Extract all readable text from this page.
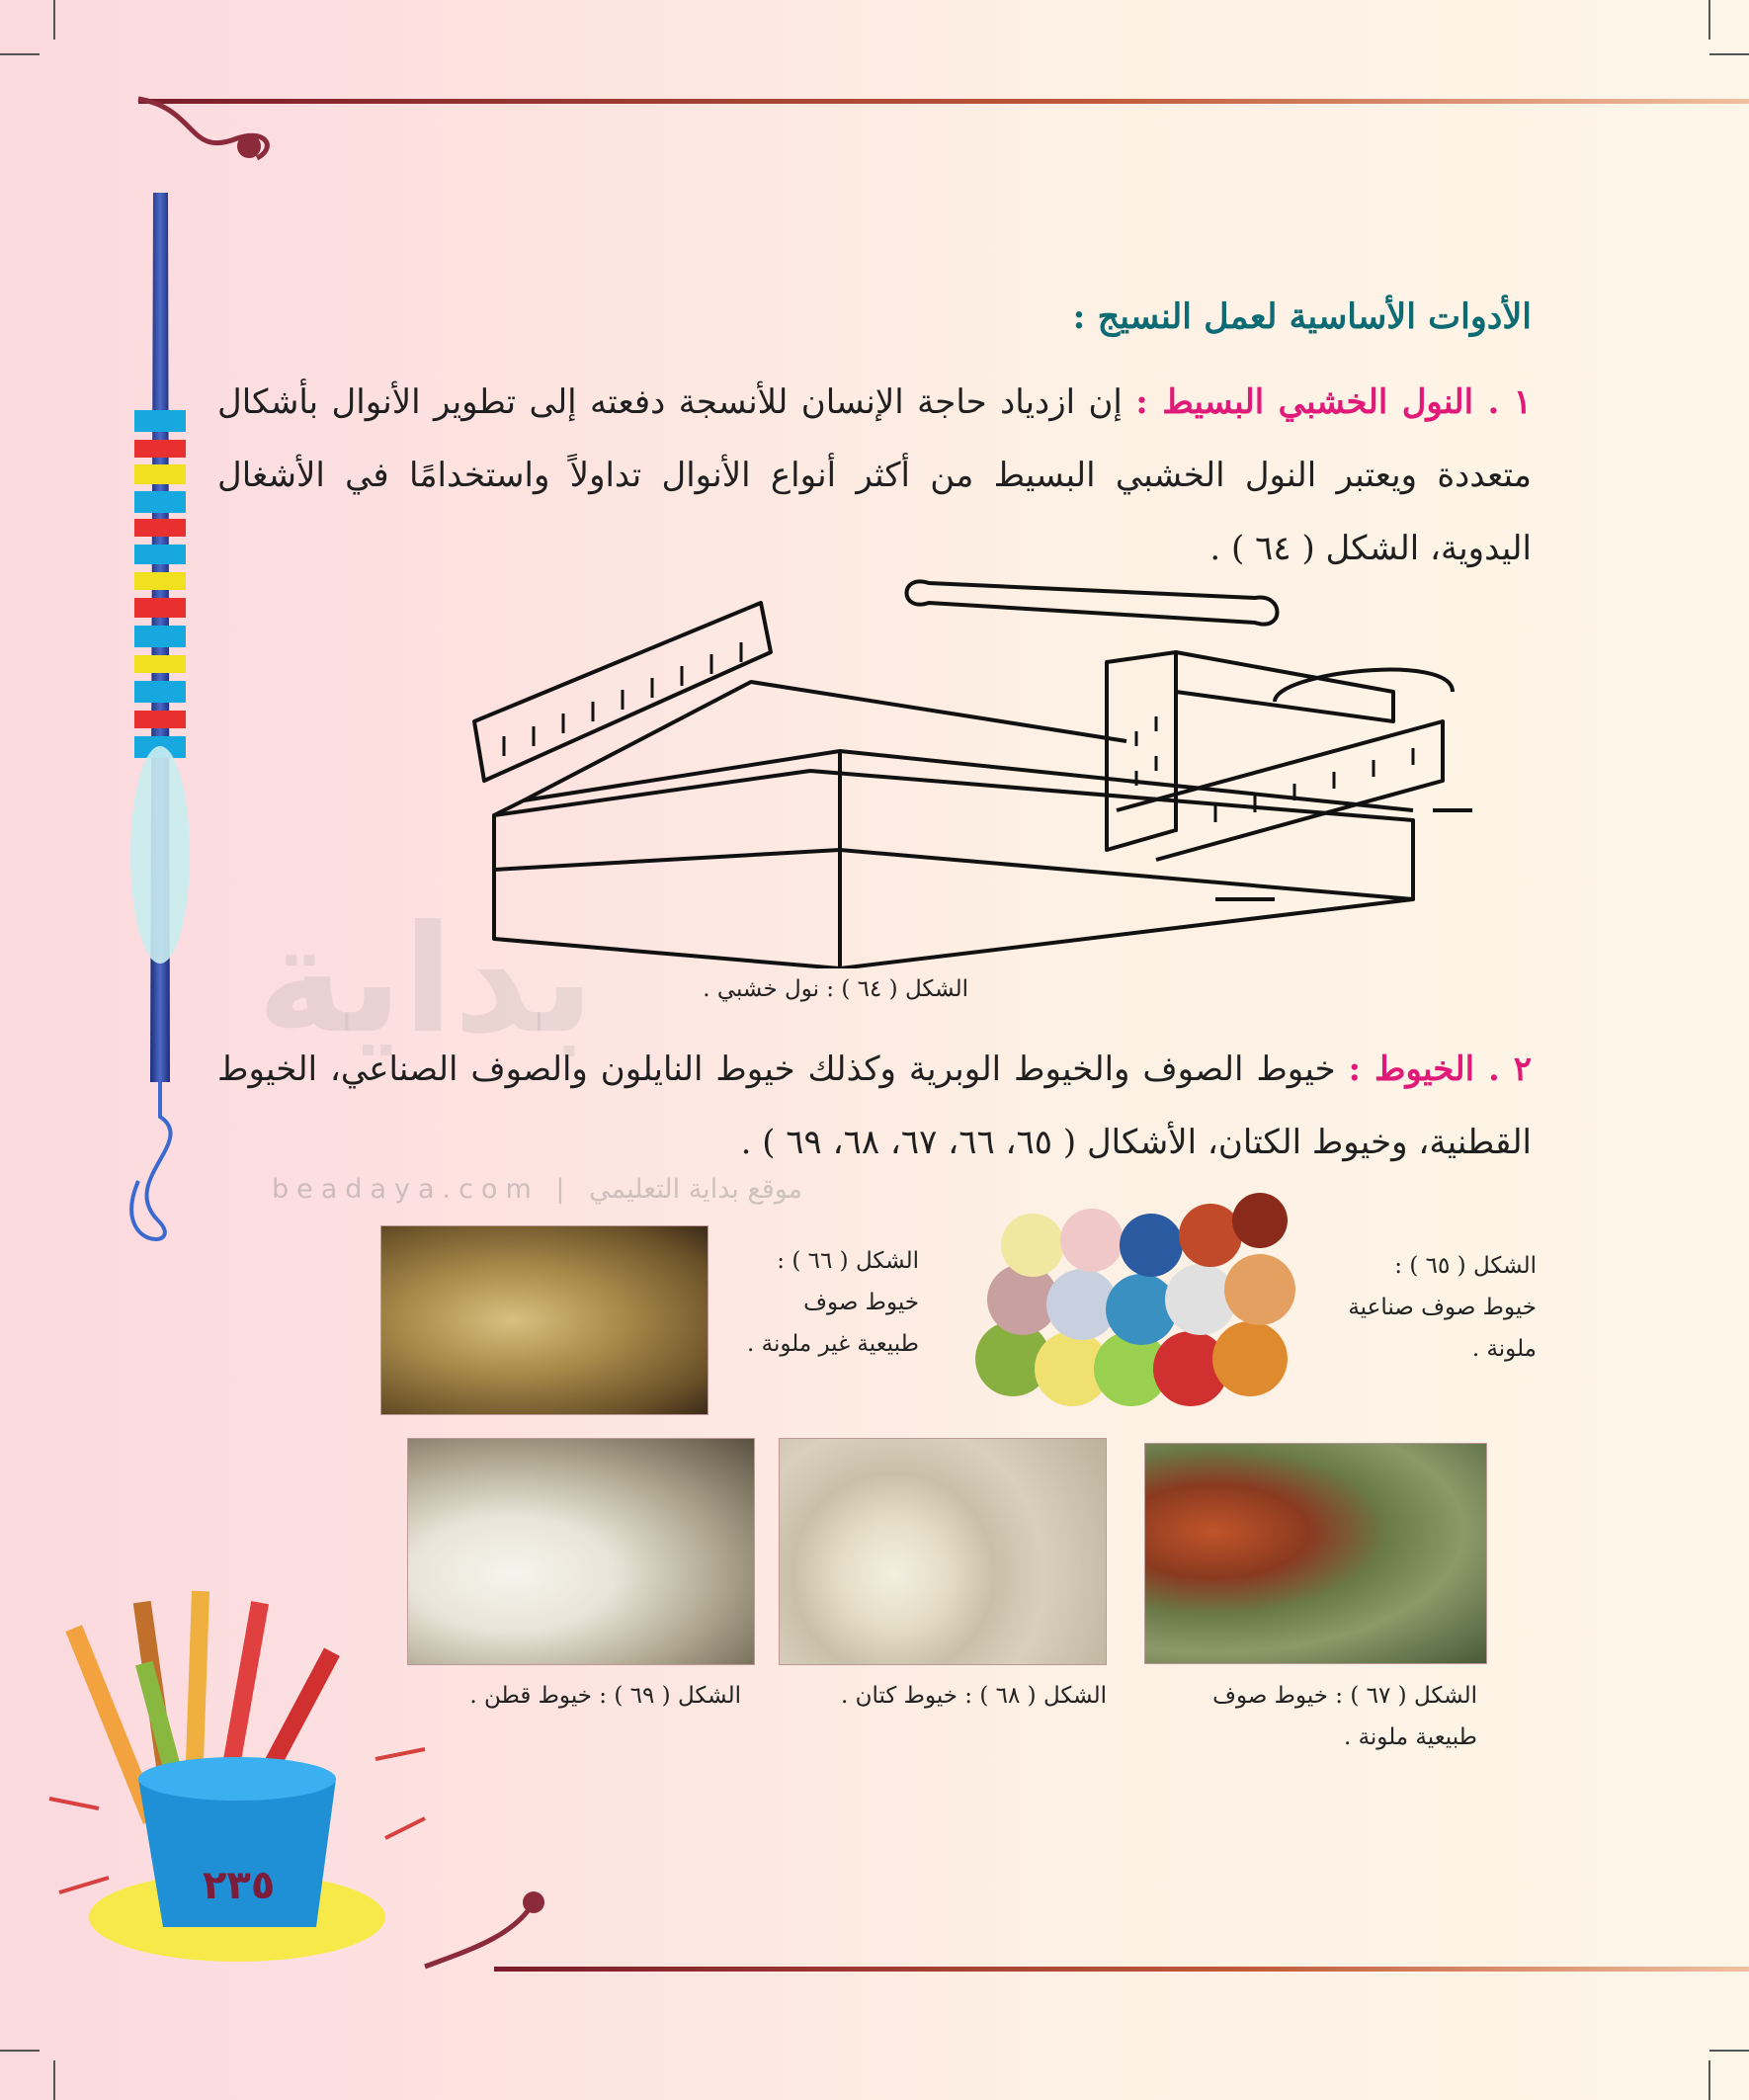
بداية
beadaya.com | موقع بداية التعليمي
الأدوات الأساسية لعمل النسيج :
١ . النول الخشبي البسيط : إن ازدياد حاجة الإنسان للأنسجة دفعته إلى تطوير الأنوال بأشكال متعددة ويعتبر النول الخشبي البسيط من أكثر أنواع الأنوال تداولاً واستخدامًا في الأشغال اليدوية، الشكل ( ٦٤ ) .
الشكل ( ٦٤ ) : نول خشبي .
٢ . الخيوط : خيوط الصوف والخيوط الوبرية وكذلك خيوط النايلون والصوف الصناعي، الخيوط القطنية، وخيوط الكتان، الأشكال ( ٦٥، ٦٦، ٦٧، ٦٨، ٦٩ ) .
الشكل ( ٦٦ ) :
خيوط صوف
طبيعية غير ملونة .
الشكل ( ٦٥ ) :
خيوط صوف صناعية
ملونة .
الشكل ( ٦٩ ) : خيوط قطن .	الشكل ( ٦٨ ) : خيوط كتان .	الشكل ( ٦٧ ) : خيوط صوف
طبيعية ملونة .
٢٣٥
